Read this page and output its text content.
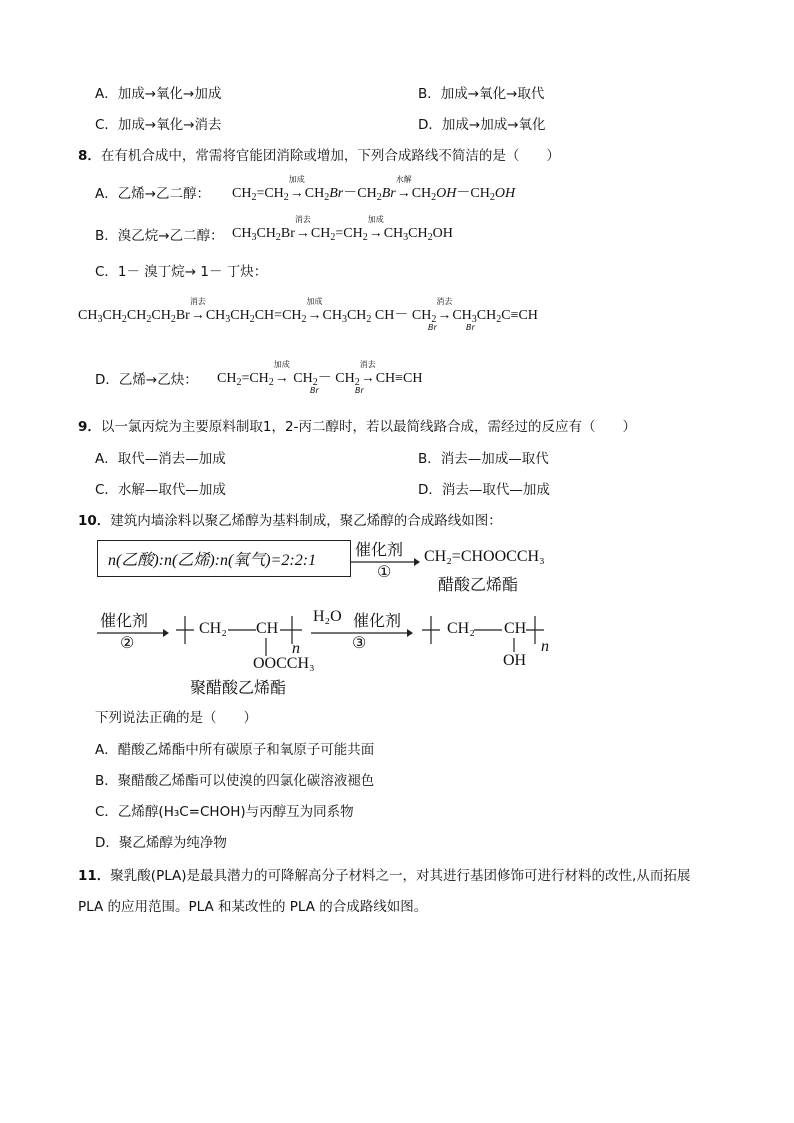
A．加成→氧化→加成	B．加成→氧化→取代
C．加成→氧化→消去	D．加成→加成→氧化
8．在有机合成中，常需将官能团消除或增加，下列合成路线不简洁的是（　　）
A．乙烯→乙二醇： $CH_2=CH_2$
加成
$\to CH_2Br-CH_2Br$
水解
$\to CH_2OH-CH_2OH$
B．溴乙烷→乙二醇： $CH_3CH_2Br$
消去
$\to CH_2=CH_2$
加成
$\to CH_3CH_2OH$
C．1－ 溴丁烷→ 1－ 丁炔：
$CH_3CH_2CH_2CH_2Br$
消去
$\to CH_3CH_2CH=CH_2$
加成
$\to CH_3CH_2$ $CH- CH_2$
消去
$\to CH_3CH_2C\equiv CH$
Br	Br
D．乙烯→乙炔： $CH_2=CH_2$
加成
→ $CH_2- CH_2$
消去
→CH≡CH
Br	Br
9．以一氯丙烷为主要原料制取1，2-丙二醇时，若以最简线路合成，需经过的反应有（　　）
A．取代—消去—加成	B．消去—加成—取代
C．水解—取代—加成	D．消去—取代—加成
10．建筑内墙涂料以聚乙烯醇为基料制成，聚乙烯醇的合成路线如图：
n(乙酸):n(乙烯):n(氧气)=2:2:1
催化剂
①
CH₂=CHOOCCH₃
醋酸乙烯酯
催化剂
②
CH₂ CH
OOCCH₃
n
聚醋酸乙烯酯
H₂O 催化剂
③
CH₂ CH
OH
n
下列说法正确的是（　　）
A．醋酸乙烯酯中所有碳原子和氧原子可能共面
B．聚醋酸乙烯酯可以使溴的四氯化碳溶液褪色
C．乙烯醇(H₃C=CHOH)与丙醇互为同系物
D．聚乙烯醇为纯净物
11．聚乳酸(PLA)是最具潜力的可降解高分子材料之一，对其进行基团修饰可进行材料的改性,从而拓展
PLA 的应用范围。PLA 和某改性的 PLA 的合成路线如图。
